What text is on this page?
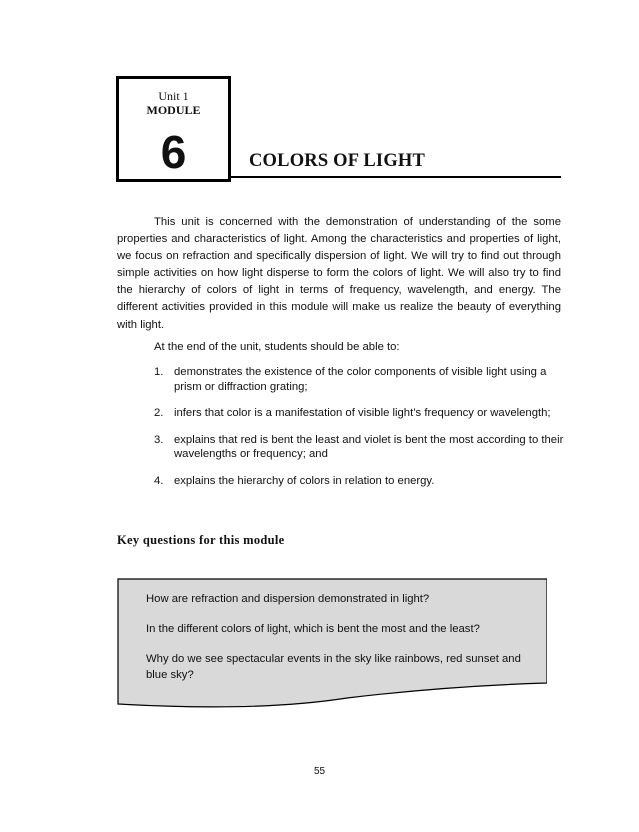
Unit 1
MODULE
6	COLORS OF LIGHT

This unit is concerned with the demonstration of understanding of the some properties and characteristics of light. Among the characteristics and properties of light, we focus on refraction and specifically dispersion of light. We will try to find out through simple activities on how light disperse to form the colors of light. We will also try to find the hierarchy of colors of light in terms of frequency, wavelength, and energy. The different activities provided in this module will make us realize the beauty of everything with light.

At the end of the unit, students should be able to:

1. demonstrates the existence of the color components of visible light using a prism or diffraction grating;
2. infers that color is a manifestation of visible light’s frequency or wavelength;
3. explains that red is bent the least and violet is bent the most according to their wavelengths or frequency; and
4. explains the hierarchy of colors in relation to energy.
Key questions for this module
How are refraction and dispersion demonstrated in light?
In the different colors of light, which is bent the most and the least?
Why do we see spectacular events in the sky like rainbows, red sunset and blue sky?

55
